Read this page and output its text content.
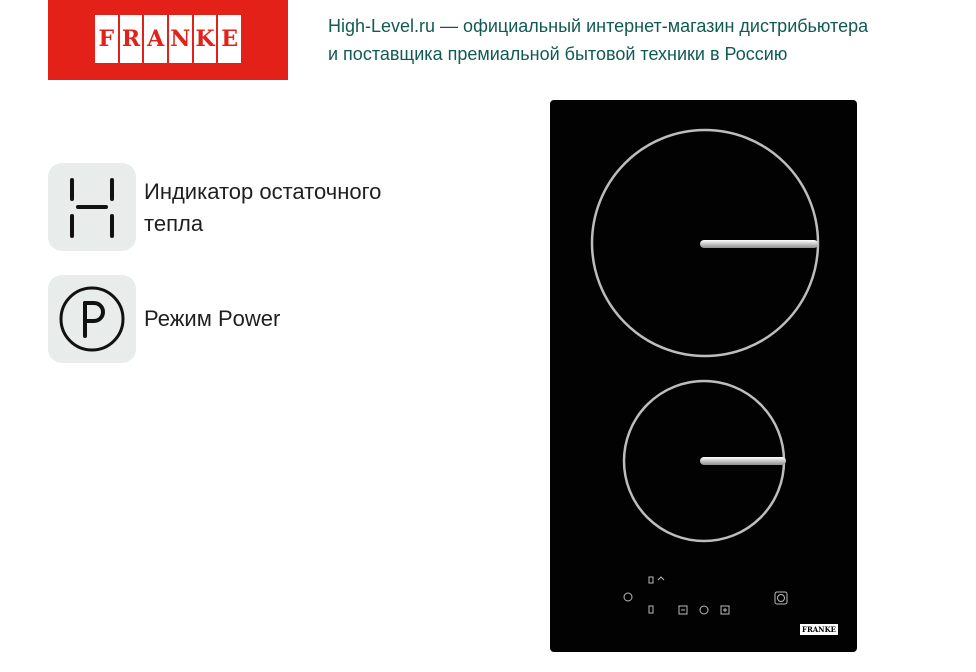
F R A N K E	High-Level.ru — официальный интернет-магазин дистрибьютера
и поставщика премиальной бытовой техники в Россию
Индикатор остаточного
тепла
Режим Power
FRANKE
